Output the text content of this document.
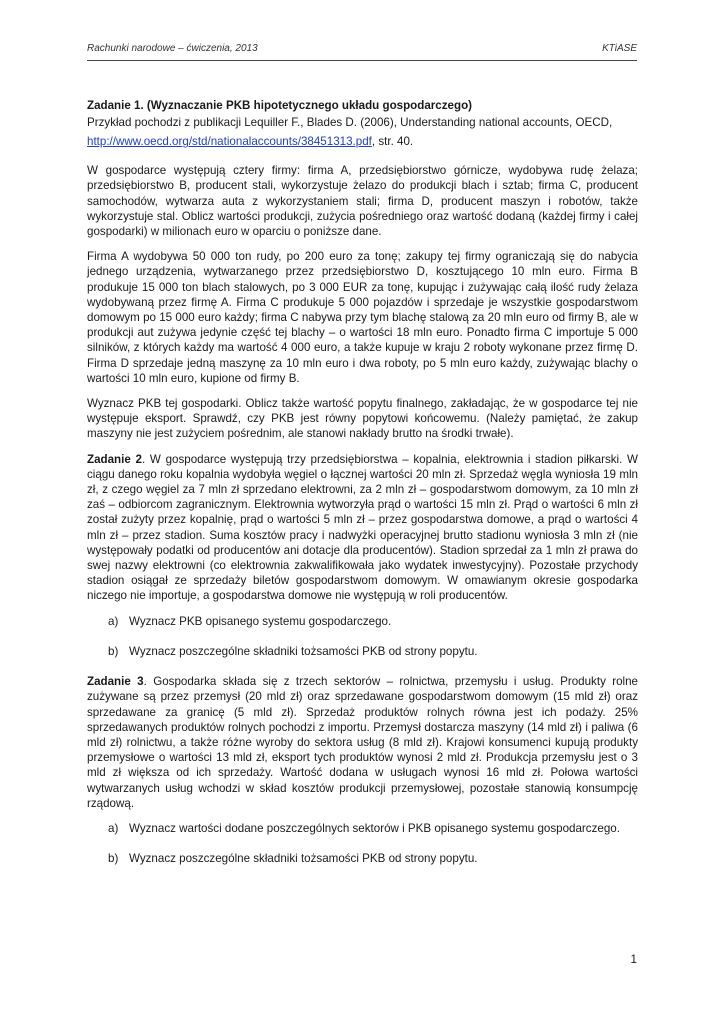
Rachunki narodowe – ćwiczenia, 2013	KTiASE

Zadanie 1. (Wyznaczanie PKB hipotetycznego układu gospodarczego)

Przykład pochodzi z publikacji Lequiller F., Blades D. (2006), Understanding national accounts, OECD,
http://www.oecd.org/std/nationalaccounts/38451313.pdf, str. 40.

W gospodarce występują cztery firmy: firma A, przedsiębiorstwo górnicze, wydobywa rudę żelaza; przedsiębiorstwo B, producent stali, wykorzystuje żelazo do produkcji blach i sztab; firma C, producent samochodów, wytwarza auta z wykorzystaniem stali; firma D, producent maszyn i robotów, także wykorzystuje stal. Oblicz wartości produkcji, zużycia pośredniego oraz wartość dodaną (każdej firmy i całej gospodarki) w milionach euro w oparciu o poniższe dane.

Firma A wydobywa 50 000 ton rudy, po 200 euro za tonę; zakupy tej firmy ograniczają się do nabycia jednego urządzenia, wytwarzanego przez przedsiębiorstwo D, kosztującego 10 mln euro. Firma B produkuje 15 000 ton blach stalowych, po 3 000 EUR za tonę, kupując i zużywając całą ilość rudy żelaza wydobywaną przez firmę A. Firma C produkuje 5 000 pojazdów i sprzedaje je wszystkie gospodarstwom domowym po 15 000 euro każdy; firma C nabywa przy tym blachę stalową za 20 mln euro od firmy B, ale w produkcji aut zużywa jedynie część tej blachy – o wartości 18 mln euro. Ponadto firma C importuje 5 000 silników, z których każdy ma wartość 4 000 euro, a także kupuje w kraju 2 roboty wykonane przez firmę D. Firma D sprzedaje jedną maszynę za 10 mln euro i dwa roboty, po 5 mln euro każdy, zużywając blachy o wartości 10 mln euro, kupione od firmy B.

Wyznacz PKB tej gospodarki. Oblicz także wartość popytu finalnego, zakładając, że w gospodarce tej nie występuje eksport. Sprawdź, czy PKB jest równy popytowi końcowemu. (Należy pamiętać, że zakup maszyny nie jest zużyciem pośrednim, ale stanowi nakłady brutto na środki trwałe).

Zadanie 2. W gospodarce występują trzy przedsiębiorstwa – kopalnia, elektrownia i stadion piłkarski. W ciągu danego roku kopalnia wydobyła węgiel o łącznej wartości 20 mln zł. Sprzedaż węgla wyniosła 19 mln zł, z czego węgiel za 7 mln zł sprzedano elektrowni, za 2 mln zł – gospodarstwom domowym, za 10 mln zł zaś – odbiorcom zagranicznym. Elektrownia wytworzyła prąd o wartości 15 mln zł. Prąd o wartości 6 mln zł został zużyty przez kopalnię, prąd o wartości 5 mln zł – przez gospodarstwa domowe, a prąd o wartości 4 mln zł – przez stadion. Suma kosztów pracy i nadwyżki operacyjnej brutto stadionu wyniosła 3 mln zł (nie występowały podatki od producentów ani dotacje dla producentów). Stadion sprzedał za 1 mln zł prawa do swej nazwy elektrowni (co elektrownia zakwalifikowała jako wydatek inwestycyjny). Pozostałe przychody stadion osiągał ze sprzedaży biletów gospodarstwom domowym. W omawianym okresie gospodarka niczego nie importuje, a gospodarstwa domowe nie występują w roli producentów.

a) Wyznacz PKB opisanego systemu gospodarczego.
b) Wyznacz poszczególne składniki tożsamości PKB od strony popytu.

Zadanie 3. Gospodarka składa się z trzech sektorów – rolnictwa, przemysłu i usług. Produkty rolne zużywane są przez przemysł (20 mld zł) oraz sprzedawane gospodarstwom domowym (15 mld zł) oraz sprzedawane za granicę (5 mld zł). Sprzedaż produktów rolnych równa jest ich podaży. 25% sprzedawanych produktów rolnych pochodzi z importu. Przemysł dostarcza maszyny (14 mld zł) i paliwa (6 mld zł) rolnictwu, a także różne wyroby do sektora usług (8 mld zł). Krajowi konsumenci kupują produkty przemysłowe o wartości 13 mld zł, eksport tych produktów wynosi 2 mld zł. Produkcja przemysłu jest o 3 mld zł większa od ich sprzedaży. Wartość dodana w usługach wynosi 16 mld zł. Połowa wartości wytwarzanych usług wchodzi w skład kosztów produkcji przemysłowej, pozostałe stanowią konsumpcję rządową.

a) Wyznacz wartości dodane poszczególnych sektorów i PKB opisanego systemu gospodarczego.
b) Wyznacz poszczególne składniki tożsamości PKB od strony popytu.
1
